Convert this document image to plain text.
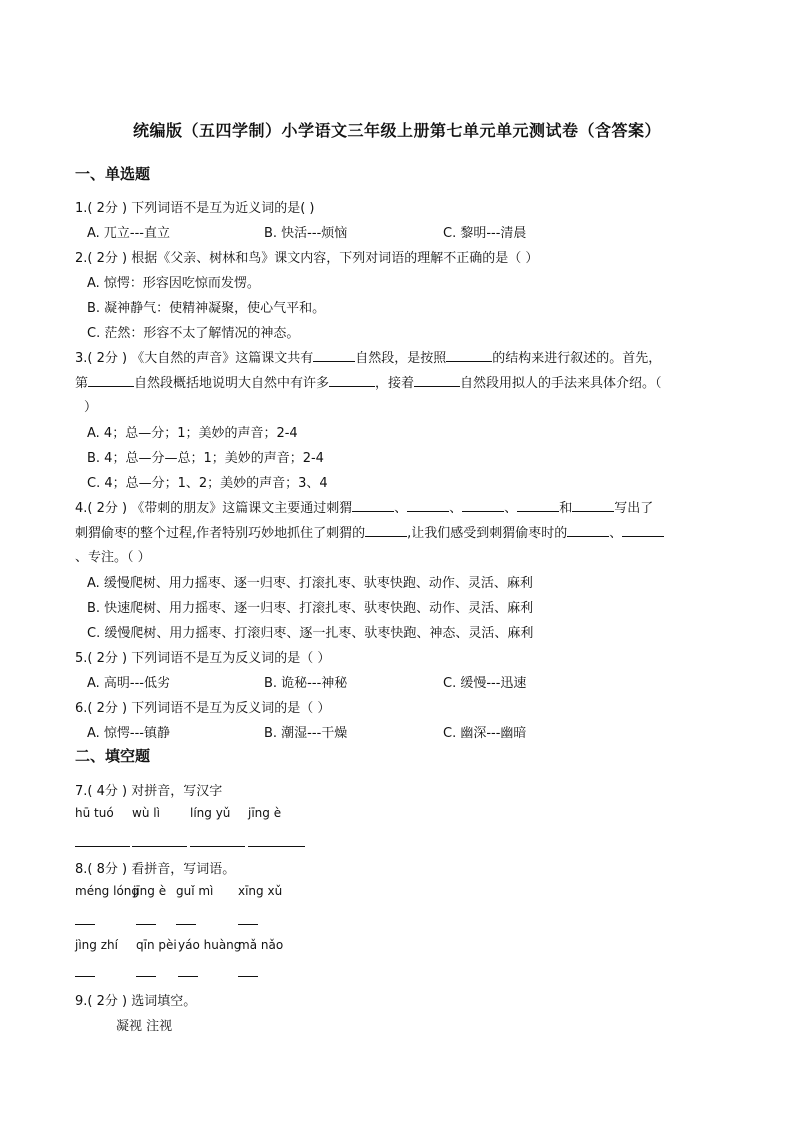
统编版（五四学制）小学语文三年级上册第七单元单元测试卷（含答案）
一、单选题
1.( 2分 ) 下列词语不是互为近义词的是( )
A. 兀立---直立	B. 快活---烦恼	C. 黎明---清晨
2.( 2分 ) 根据《父亲、树林和鸟》课文内容，下列对词语的理解不正确的是（ ）
A. 惊愕：形容因吃惊而发愣。
B. 凝神静气：使精神凝聚，使心气平和。
C. 茫然：形容不太了解情况的神态。
3.( 2分 ) 《大自然的声音》这篇课文共有	自然段，是按照	的结构来进行叙述的。首先，
第	自然段概括地说明大自然中有许多	，接着	自然段用拟人的手法来具体介绍。（
）
A. 4；总—分；1；美妙的声音；2-4
B. 4；总—分—总；1；美妙的声音；2-4
C. 4；总—分；1、2；美妙的声音；3、4
4.( 2分 ) 《带刺的朋友》这篇课文主要通过刺猬	、	、	、	和	写出了
刺猬偷枣的整个过程,作者特别巧妙地抓住了刺猬的	,让我们感受到刺猬偷枣时的	、
、专注。（ ）
A. 缓慢爬树、用力摇枣、逐一归枣、打滚扎枣、驮枣快跑、动作、灵活、麻利
B. 快速爬树、用力摇枣、逐一归枣、打滚扎枣、驮枣快跑、动作、灵活、麻利
C. 缓慢爬树、用力摇枣、打滚归枣、逐一扎枣、驮枣快跑、神态、灵活、麻利
5.( 2分 ) 下列词语不是互为反义词的是（ ）
A. 高明---低劣	B. 诡秘---神秘	C. 缓慢---迅速
6.( 2分 ) 下列词语不是互为反义词的是（ ）
A. 惊愕---镇静	B. 潮湿---干燥	C. 幽深---幽暗
二、填空题
7.( 4分 ) 对拼音，写汉字
hū tuó wù lì	líng yǔ jīng è
8.( 8分 ) 看拼音，写词语。
méng lóng
jīng è guǐ mì xīng xǔ
jìng zhí qīn pèi yáo huàng
mǎ nǎo
9.( 2分 ) 选词填空。
凝视 注视
